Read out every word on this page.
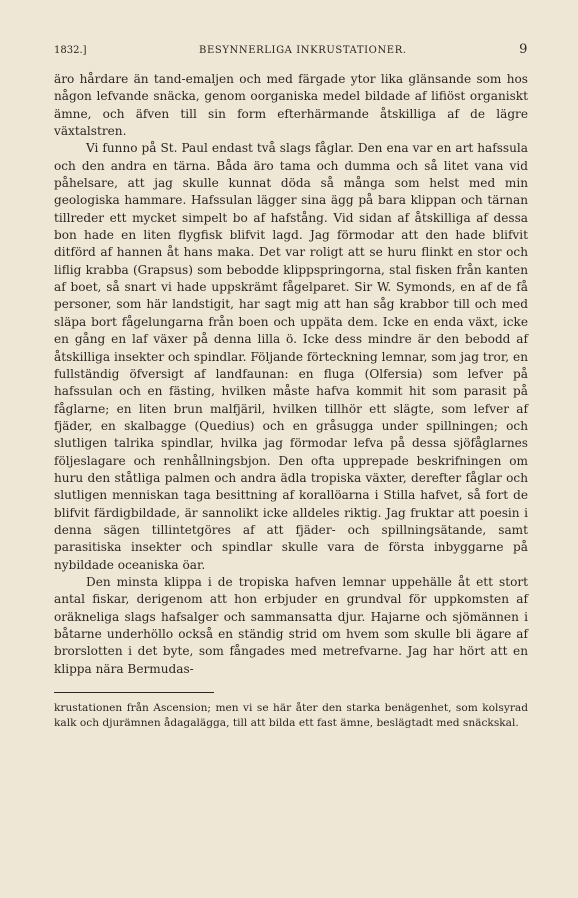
1832.]	BESYNNERLIGA INKRUSTATIONER.	9

äro hårdare än tand-emaljen och med färgade ytor lika glänsande som hos någon lefvande snäcka, genom oorganiska medel bildade af lifiöst organiskt ämne, och äfven till sin form efterhärmande åtskilliga af de lägre växtalstren.

Vi funno på St. Paul endast två slags fåglar. Den ena var en art hafssula och den andra en tärna. Båda äro tama och dumma och så litet vana vid påhelsare, att jag skulle kunnat döda så många som helst med min geologiska hammare. Hafssulan lägger sina ägg på bara klippan och tärnan tillreder ett mycket simpelt bo af hafstång. Vid sidan af åtskilliga af dessa bon hade en liten flygfisk blifvit lagd. Jag förmodar att den hade blifvit ditförd af hannen åt hans maka. Det var roligt att se huru flinkt en stor och liflig krabba (Grapsus) som bebodde klippspringorna, stal fisken från kanten af boet, så snart vi hade uppskrämt fågelparet. Sir W. Symonds, en af de få personer, som här landstigit, har sagt mig att han såg krabbor till och med släpa bort fågelungarna från boen och uppäta dem. Icke en enda växt, icke en gång en laf växer på denna lilla ö. Icke dess mindre är den bebodd af åtskilliga insekter och spindlar. Följande förteckning lemnar, som jag tror, en fullständig öfversigt af landfaunan: en fluga (Olfersia) som lefver på hafssulan och en fästing, hvilken måste hafva kommit hit som parasit på fåglarne; en liten brun malfjäril, hvilken tillhör ett slägte, som lefver af fjäder, en skalbagge (Quedius) och en gråsugga under spillningen; och slutligen talrika spindlar, hvilka jag förmodar lefva på dessa sjöfåglarnes följeslagare och renhållningsbjon. Den ofta upprepade beskrifningen om huru den ståtliga palmen och andra ädla tropiska växter, derefter fåglar och slutligen menniskan taga besittning af korallöarna i Stilla hafvet, så fort de blifvit färdigbildade, är sannolikt icke alldeles riktig. Jag fruktar att poesin i denna sägen tillintetgöres af att fjäder- och spillningsätande, samt parasitiska insekter och spindlar skulle vara de första inbyggarne på nybildade oceaniska öar.

Den minsta klippa i de tropiska hafven lemnar uppehälle åt ett stort antal fiskar, derigenom att hon erbjuder en grundval för uppkomsten af oräkneliga slags hafsalger och sammansatta djur. Hajarne och sjömännen i båtarne underhöllo också en ständig strid om hvem som skulle bli ägare af brorslotten i det byte, som fångades med metrefvarne. Jag har hört att en klippa nära Bermudas-

krustationen från Ascension; men vi se här åter den starka benägenhet, som kolsyrad kalk och djurämnen ådagalägga, till att bilda ett fast ämne, beslägtadt med snäckskal.
